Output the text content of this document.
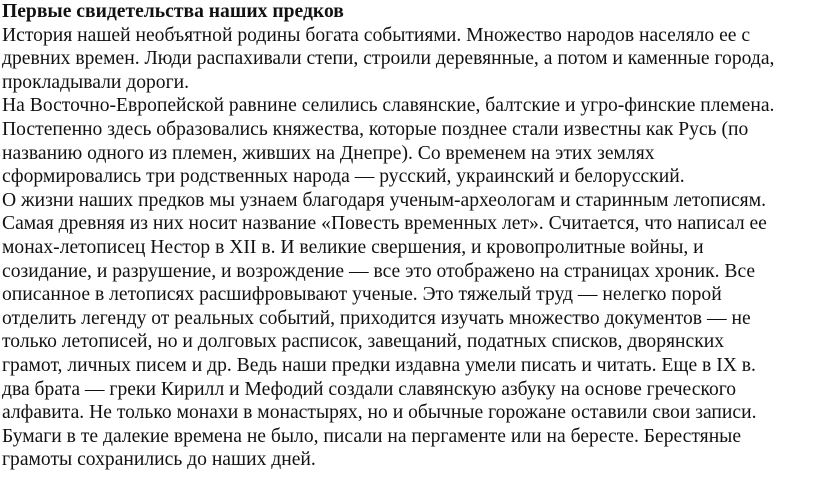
Первые свидетельства наших предков

История нашей необъятной родины богата событиями. Множество народов населяло ее с
древних времен. Люди распахивали степи, строили деревянные, а потом и каменные города,
прокладывали дороги.

На Восточно-Европейской равнине селились славянские, балтские и угро-финские племена.
Постепенно здесь образовались княжества, которые позднее стали известны как Русь (по
названию одного из племен, живших на Днепре). Со временем на этих землях
сформировались три родственных народа — русский, украинский и белорусский.

О жизни наших предков мы узнаем благодаря ученым-археологам и старинным летописям.
Самая древняя из них носит название «Повесть временных лет». Считается, что написал ее
монах-летописец Нестор в XII в. И великие свершения, и кровопролитные войны, и
созидание, и разрушение, и возрождение — все это отображено на страницах хроник. Все
описанное в летописях расшифровывают ученые. Это тяжелый труд — нелегко порой
отделить легенду от реальных событий, приходится изучать множество документов — не
только летописей, но и долговых расписок, завещаний, податных списков, дворянских
грамот, личных писем и др. Ведь наши предки издавна умели писать и читать. Еще в IX в.
два брата — греки Кирилл и Мефодий создали славянскую азбуку на основе греческого
алфавита. Не только монахи в монастырях, но и обычные горожане оставили свои записи.
Бумаги в те далекие времена не было, писали на пергаменте или на бересте. Берестяные
грамоты сохранились до наших дней.
